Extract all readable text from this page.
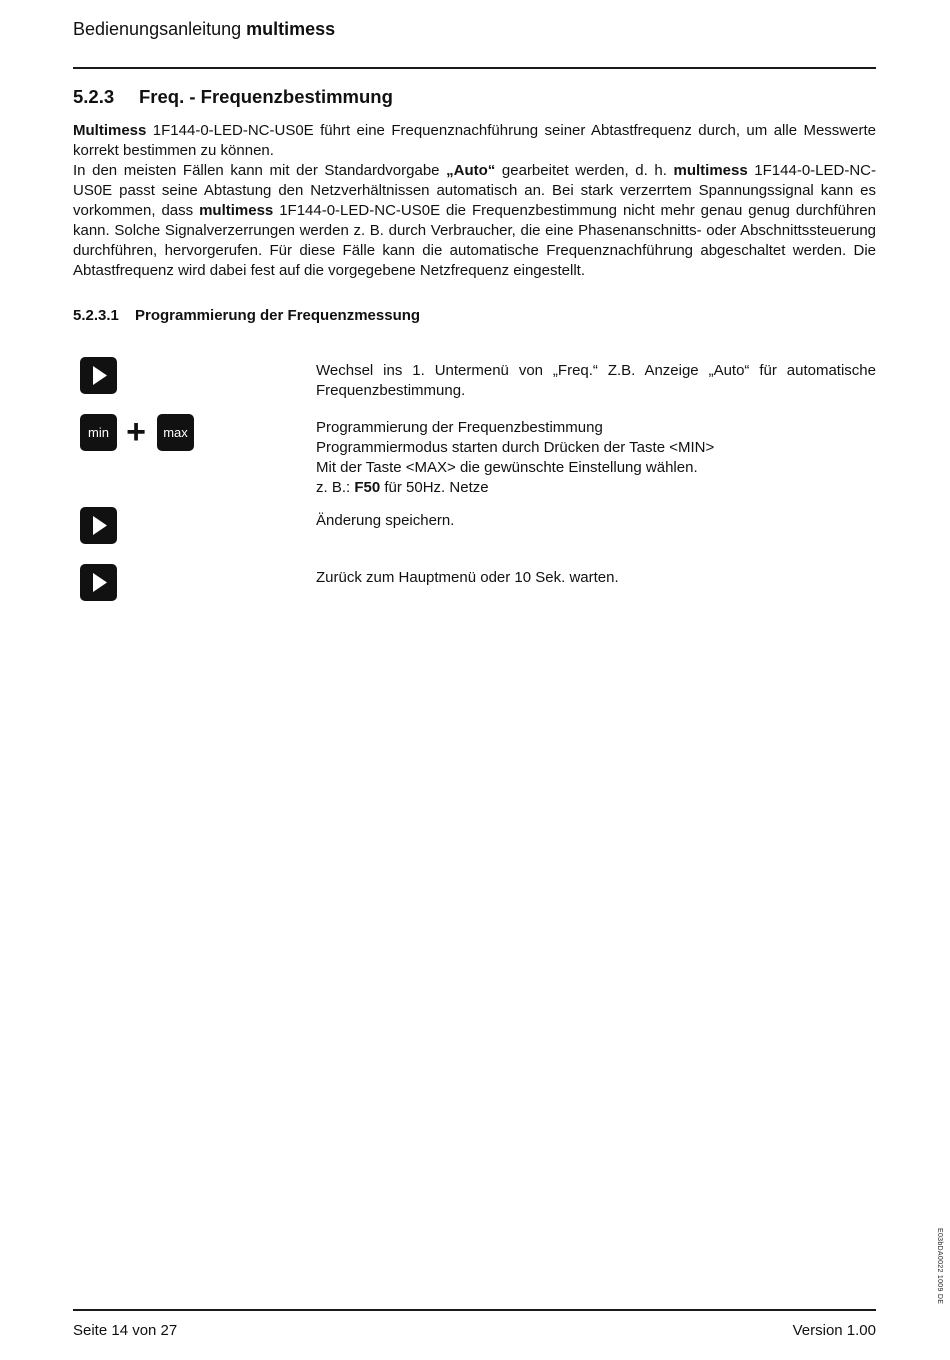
Bedienungsanleitung multimess
5.2.3 Freq. - Frequenzbestimmung

Multimess 1F144-0-LED-NC-US0E führt eine Frequenznachführung seiner Abtastfrequenz durch, um alle Messwerte korrekt bestimmen zu können.

In den meisten Fällen kann mit der Standardvorgabe „Auto“ gearbeitet werden, d. h. multimess 1F144-0-LED-NC-US0E passt seine Abtastung den Netzverhältnissen automatisch an. Bei stark verzerrtem Spannungssignal kann es vorkommen, dass multimess 1F144-0-LED-NC-US0E die Frequenzbestimmung nicht mehr genau genug durchführen kann. Solche Signalverzerrungen werden z. B. durch Verbraucher, die eine Phasenanschnitts- oder Abschnittssteuerung durchführen, hervorgerufen. Für diese Fälle kann die automatische Frequenznachführung abgeschaltet werden. Die Abtastfrequenz wird dabei fest auf die vorgegebene Netzfrequenz eingestellt.

5.2.3.1 Programmierung der Frequenzmessung
Wechsel ins 1. Untermenü von „Freq.“ Z.B. Anzeige „Auto“ für automatische Frequenzbestimmung.
min +	max	Programmierung der Frequenzbestimmung
Programmiermodus starten durch Drücken der Taste <MIN>
Mit der Taste <MAX> die gewünschte Einstellung wählen.
z. B.: F50 für 50Hz. Netze
Änderung speichern.
Zurück zum Hauptmenü oder 10 Sek. warten.
E03bDA0022 1009 DE
Seite 14 von 27	Version 1.00
